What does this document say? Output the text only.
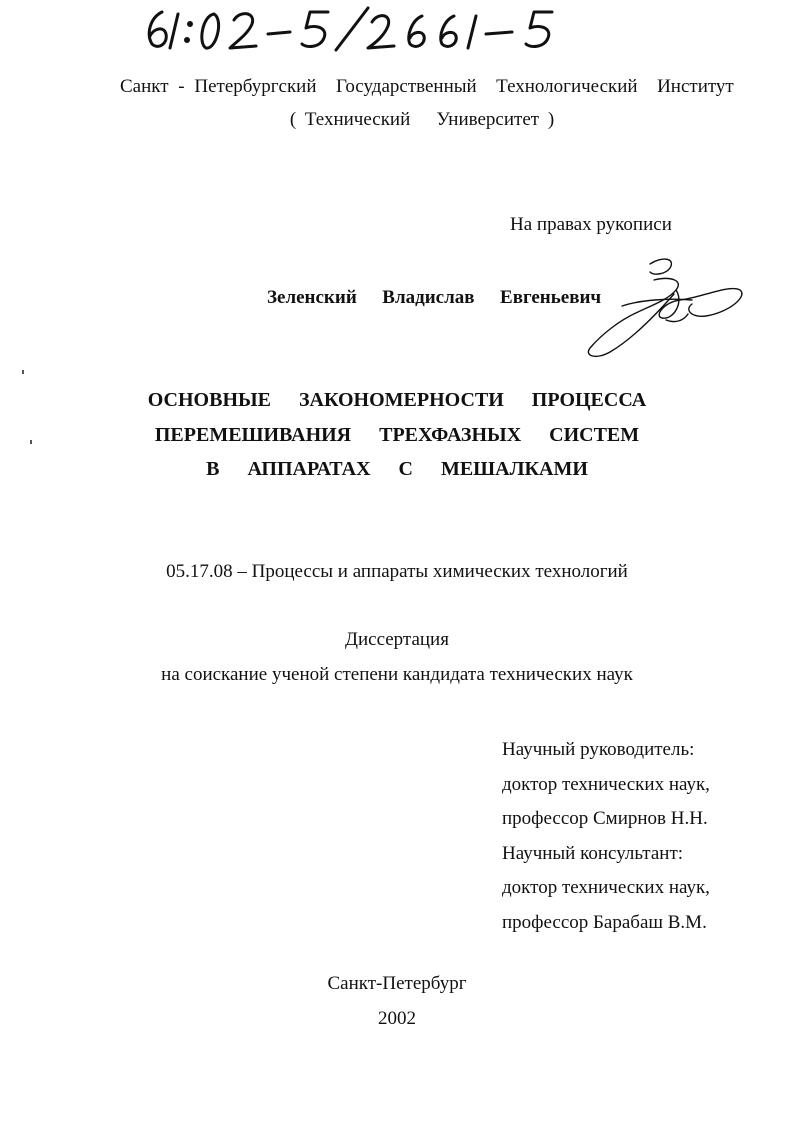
Санкт - Петербургский  Государственный  Технологический  Институт
( Технический   Университет )
На правах рукописи
Зеленский  Владислав  Евгеньевич
ОСНОВНЫЕ  ЗАКОНОМЕРНОСТИ  ПРОЦЕССА
ПЕРЕМЕШИВАНИЯ  ТРЕХФАЗНЫХ  СИСТЕМ
В  АППАРАТАХ  С  МЕШАЛКАМИ
05.17.08 – Процессы и аппараты химических технологий
Диссертация
на соискание ученой степени кандидата технических наук
Научный руководитель:
доктор технических наук,
профессор Смирнов Н.Н.
Научный консультант:
доктор технических наук,
профессор Барабаш В.М.
Санкт-Петербург
2002
